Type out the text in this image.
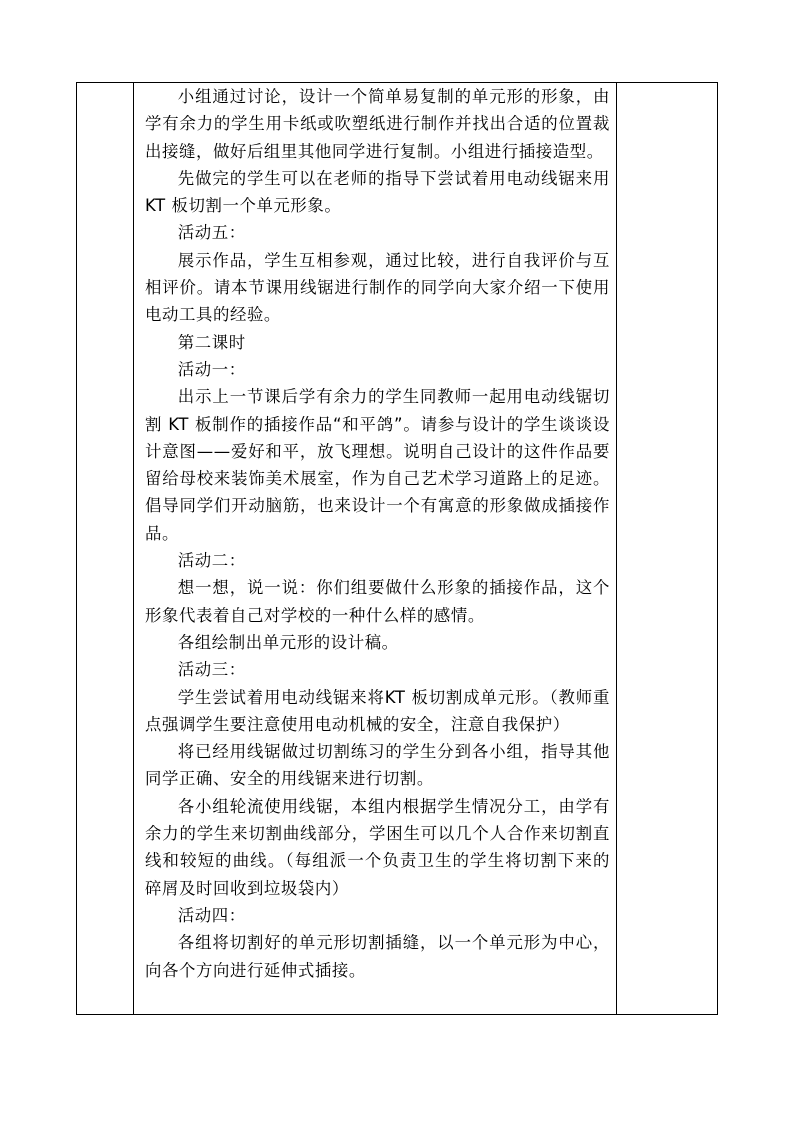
小组通过讨论，设计一个简单易复制的单元形的形象，由学有余力的学生用卡纸或吹塑纸进行制作并找出合适的位置裁出接缝，做好后组里其他同学进行复制。小组进行插接造型。

先做完的学生可以在老师的指导下尝试着用电动线锯来用 KT 板切割一个单元形象。

活动五：

展示作品，学生互相参观，通过比较，进行自我评价与互相评价。请本节课用线锯进行制作的同学向大家介绍一下使用电动工具的经验。

第二课时

活动一：

出示上一节课后学有余力的学生同教师一起用电动线锯切割 KT 板制作的插接作品“和平鸽”。请参与设计的学生谈谈设计意图——爱好和平，放飞理想。说明自己设计的这件作品要留给母校来装饰美术展室，作为自己艺术学习道路上的足迹。倡导同学们开动脑筋，也来设计一个有寓意的形象做成插接作品。

活动二：

想一想，说一说：你们组要做什么形象的插接作品，这个形象代表着自己对学校的一种什么样的感情。

各组绘制出单元形的设计稿。

活动三：

学生尝试着用电动线锯来将KT 板切割成单元形。（教师重点强调学生要注意使用电动机械的安全，注意自我保护）

将已经用线锯做过切割练习的学生分到各小组，指导其他同学正确、安全的用线锯来进行切割。

各小组轮流使用线锯，本组内根据学生情况分工，由学有余力的学生来切割曲线部分，学困生可以几个人合作来切割直线和较短的曲线。（每组派一个负责卫生的学生将切割下来的碎屑及时回收到垃圾袋内）

活动四：

各组将切割好的单元形切割插缝，以一个单元形为中心，向各个方向进行延伸式插接。
